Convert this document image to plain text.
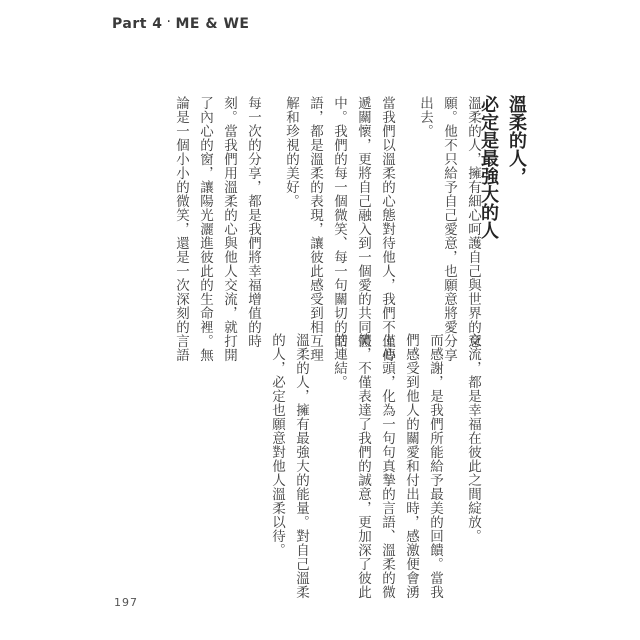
Part 4 · ME & WE
溫柔的人，
必定是最強大的人
溫柔的人，擁有細心呵護自己與世界的意
願。他不只給予自己愛意，也願意將愛分享
出去。
當我們以溫柔的心態對待他人，我們不僅傳
遞關懷，更將自己融入到一個愛的共同體
中。我們的每一個微笑、每一句關切的話
語，都是溫柔的表現，讓彼此感受到相互理
解和珍視的美好。
每一次的分享，都是我們將幸福增值的時
刻。當我們用溫柔的心與他人交流，就打開
了內心的窗，讓陽光灑進彼此的生命裡。無
論是一個小小的微笑，還是一次深刻的言語
交流，都是幸福在彼此之間綻放。
而感謝，是我們所能給予最美的回饋。當我
們感受到他人的關愛和付出時，感激便會湧
上心頭，化為一句句真摯的言語、溫柔的微
笑，不僅表達了我們的誠意，更加深了彼此
的連結。
溫柔的人，擁有最強大的能量。對自己溫柔
的人，必定也願意對他人溫柔以待。
197
